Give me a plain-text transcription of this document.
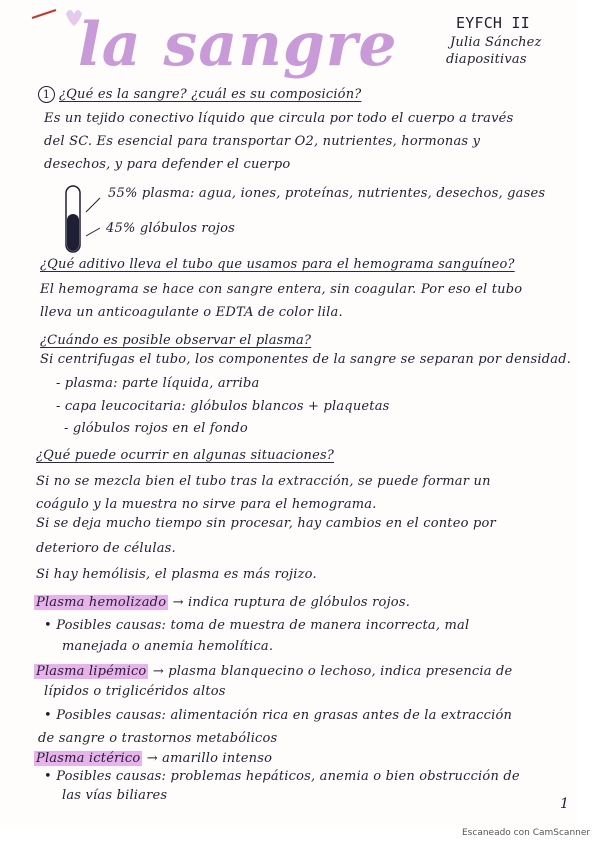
la sangre	EYFCH II
Julia Sánchez
diapositivas
1 ¿Qué es la sangre? ¿cuál es su composición?
Es un tejido conectivo líquido que circula por todo el cuerpo a través
del SC. Es esencial para transportar O2, nutrientes, hormonas y
desechos, y para defender el cuerpo
55% plasma: agua, iones, proteínas, nutrientes, desechos, gases
45% glóbulos rojos
¿Qué aditivo lleva el tubo que usamos para el hemograma sanguíneo?
El hemograma se hace con sangre entera, sin coagular. Por eso el tubo
lleva un anticoagulante o EDTA de color lila.
¿Cuándo es posible observar el plasma?
Si centrifugas el tubo, los componentes de la sangre se separan por densidad.
- plasma: parte líquida, arriba
- capa leucocitaria: glóbulos blancos + plaquetas
- glóbulos rojos en el fondo
¿Qué puede ocurrir en algunas situaciones?
Si no se mezcla bien el tubo tras la extracción, se puede formar un
coágulo y la muestra no sirve para el hemograma.
Si se deja mucho tiempo sin procesar, hay cambios en el conteo por
deterioro de células.
Si hay hemólisis, el plasma es más rojizo.
Plasma hemolizado → indica ruptura de glóbulos rojos.
• Posibles causas: toma de muestra de manera incorrecta, mal
manejada o anemia hemolítica.
Plasma lipémico → plasma blanquecino o lechoso, indica presencia de
lípidos o triglicéridos altos
• Posibles causas: alimentación rica en grasas antes de la extracción
de sangre o trastornos metabólicos
Plasma ictérico → amarillo intenso
• Posibles causas: problemas hepáticos, anemia o bien obstrucción de
las vías biliares
1
Escaneado con CamScanner
